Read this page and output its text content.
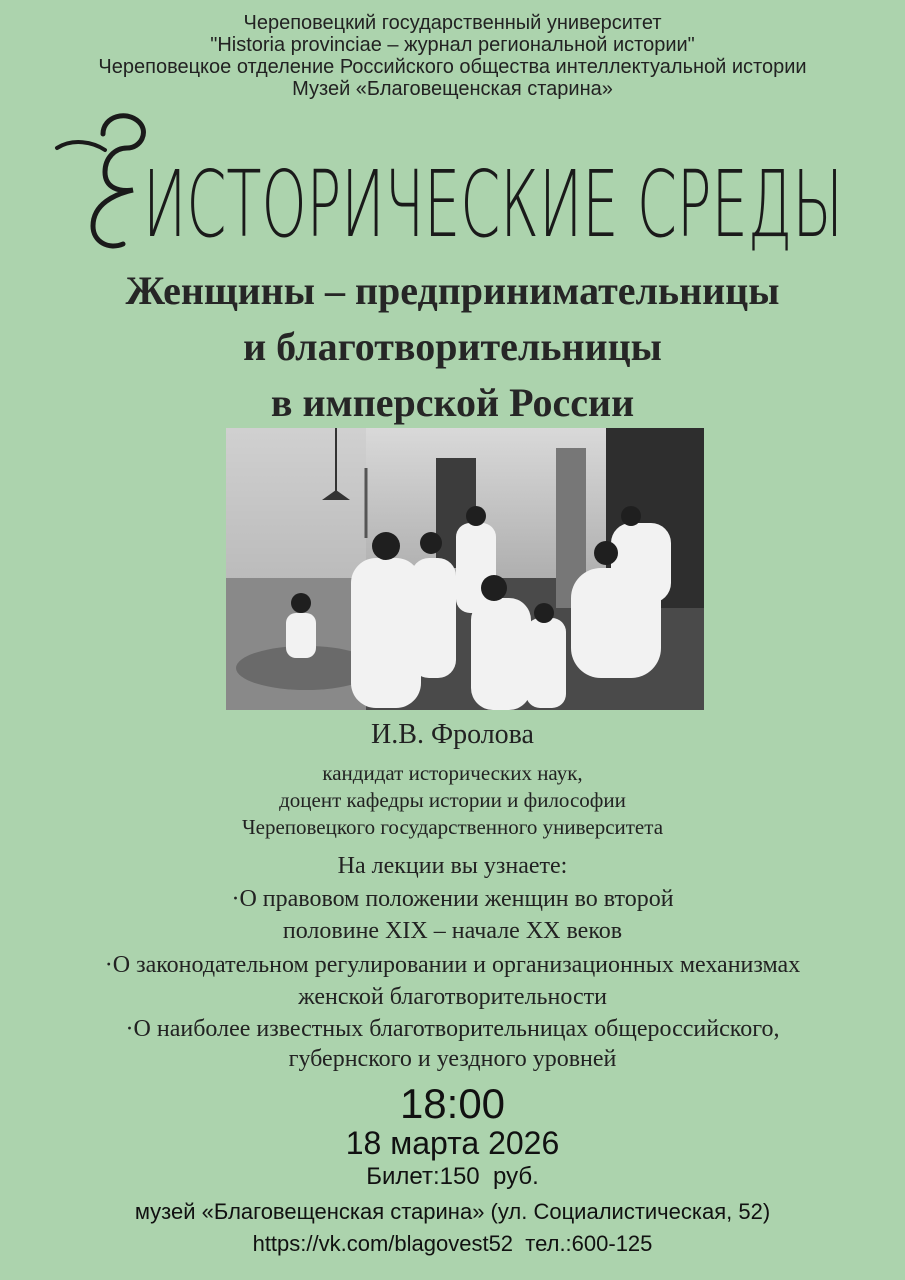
Череповецкий государственный университет
"Historia provinciae – журнал региональной истории"
Череповецкое отделение Российского общества интеллектуальной истории
Музей «Благовещенская старина»
ИСТОРИЧЕСКИЕ СРЕДЫ
Женщины – предпринимательницы
и благотворительницы
в имперской России
И.В. Фролова
кандидат исторических наук,
доцент кафедры истории и философии
Череповецкого государственного университета
На лекции вы узнаете:
·О правовом положении женщин во второй
половине XIX – начале XX веков
·О законодательном регулировании и организационных механизмах
женской благотворительности
·О наиболее известных благотворительницах общероссийского,
губернского и уездного уровней
18:00
18 марта 2026
Билет:150  руб.
музей «Благовещенская старина» (ул. Социалистическая, 52)
https://vk.com/blagovest52  тел.:600-125
